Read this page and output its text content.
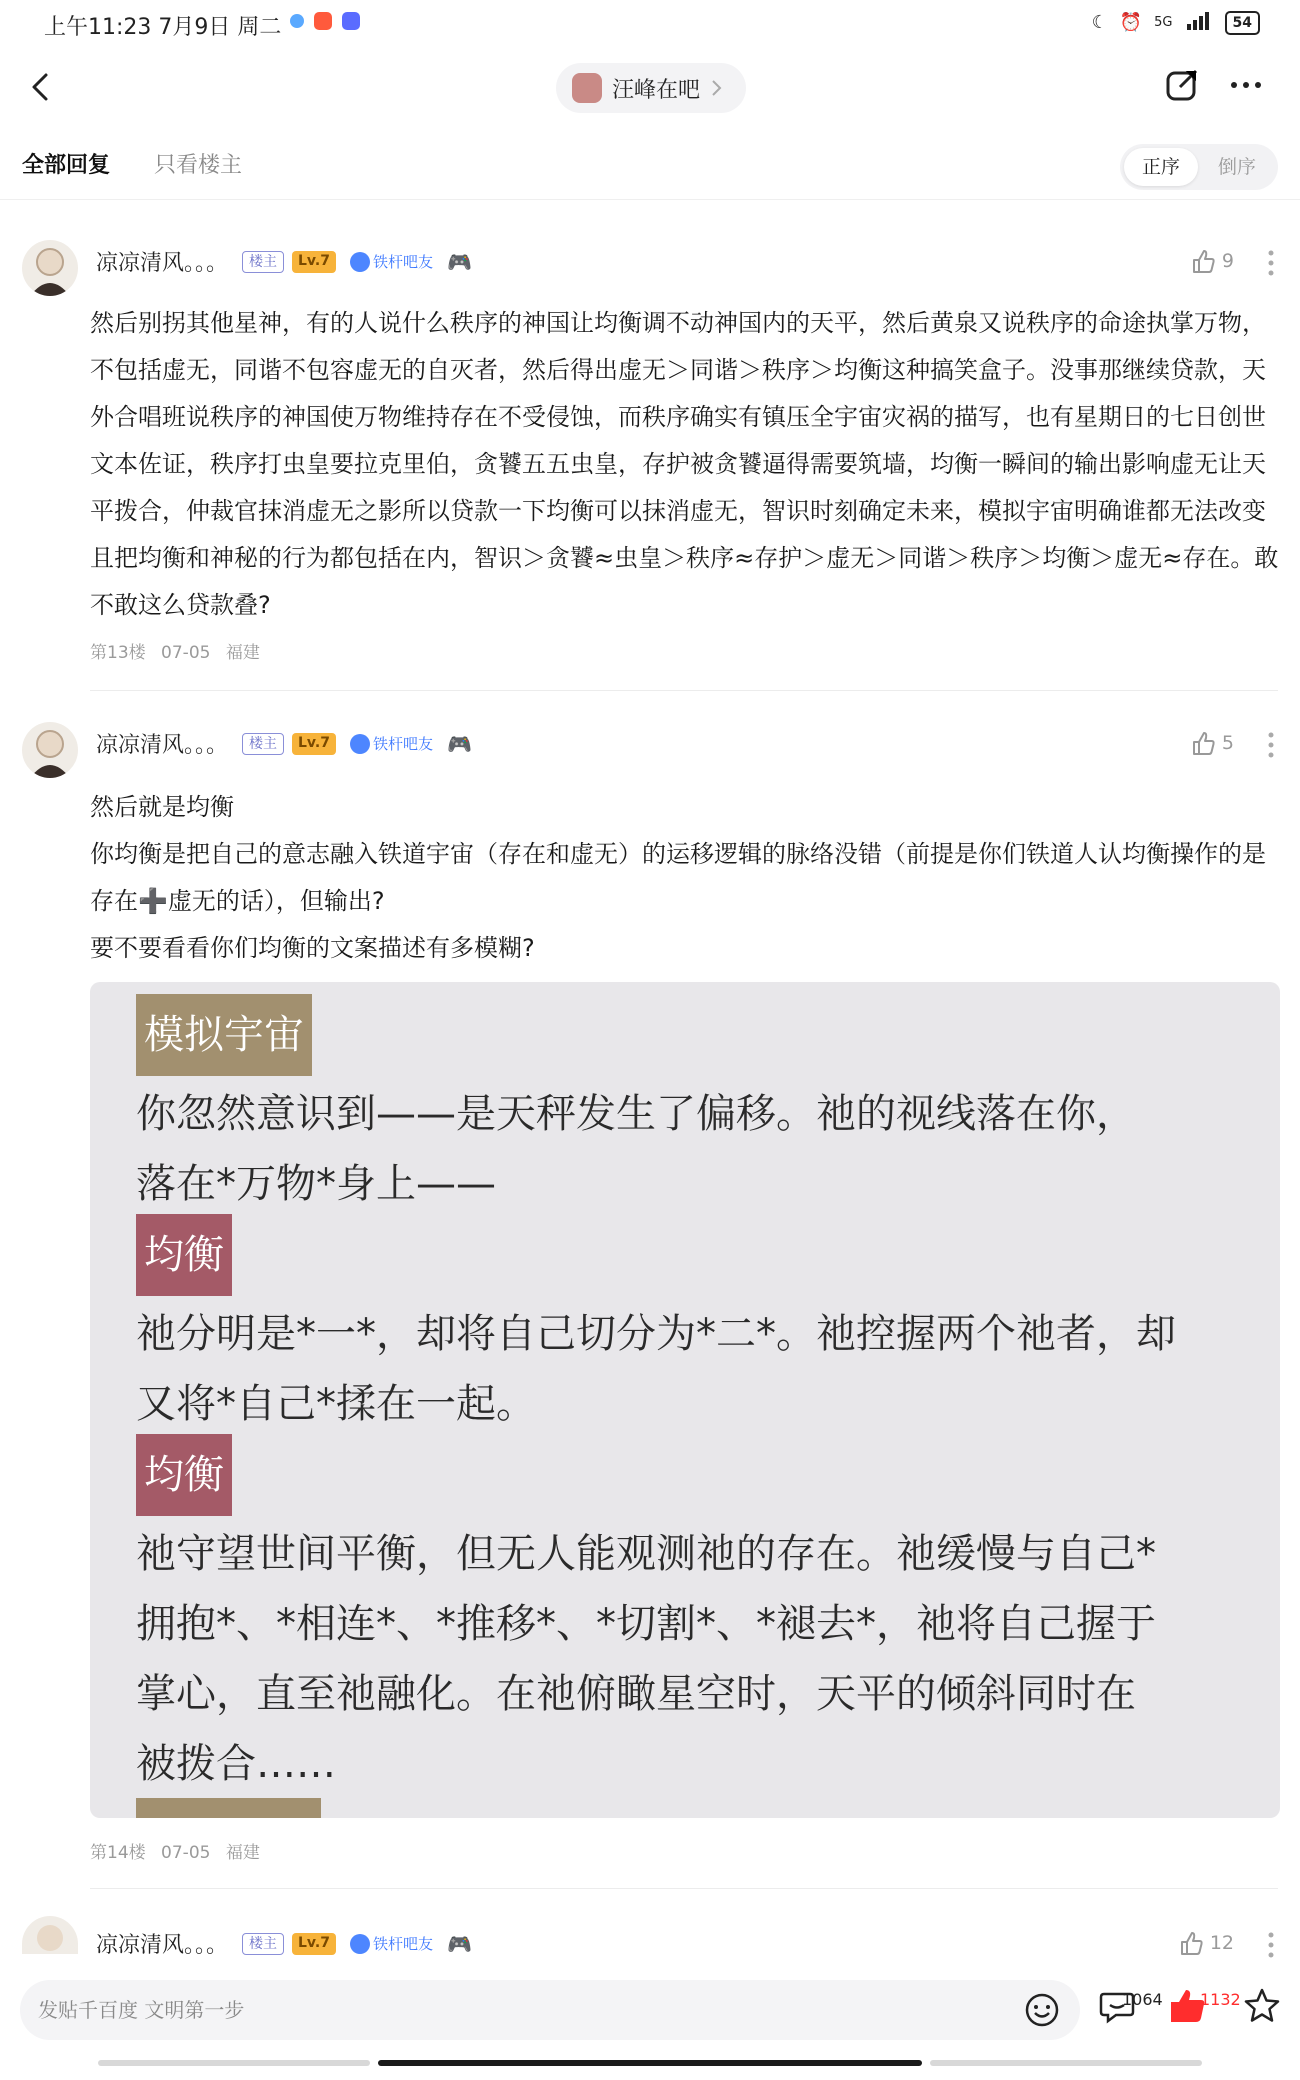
上午11:23 7月9日 周二	☾ ⏰ 5G	54
汪峰在吧
全部回复 只看楼主	正序	倒序
凉凉清风。。。	楼主	Lv.7	铁杆吧友 🎮	9
然后别拐其他星神，有的人说什么秩序的神国让均衡调不动神国内的天平，然后黄泉又说秩序的命途执掌万物，不包括虚无，同谐不包容虚无的自灭者，然后得出虚无＞同谐＞秩序＞均衡这种搞笑盒子。没事那继续贷款，天外合唱班说秩序的神国使万物维持存在不受侵蚀，而秩序确实有镇压全宇宙灾祸的描写，也有星期日的七日创世文本佐证，秩序打虫皇要拉克里伯，贪饕五五虫皇，存护被贪饕逼得需要筑墙，均衡一瞬间的输出影响虚无让天平拨合，仲裁官抹消虚无之影所以贷款一下均衡可以抹消虚无，智识时刻确定未来，模拟宇宙明确谁都无法改变且把均衡和神秘的行为都包括在内，智识＞贪饕≈虫皇＞秩序≈存护＞虚无＞同谐＞秩序＞均衡＞虚无≈存在。敢不敢这么贷款叠?
第13楼 07-05 福建
凉凉清风。。。	楼主	Lv.7	铁杆吧友 🎮	5
然后就是均衡
你均衡是把自己的意志融入铁道宇宙（存在和虚无）的运移逻辑的脉络没错（前提是你们铁道人认均衡操作的是存在➕虚无的话），但输出?
要不要看看你们均衡的文案描述有多模糊?
第14楼 07-05 福建
模拟宇宙
你忽然意识到——是天秤发生了偏移。祂的视线落在你，
落在*万物*身上——
均衡
祂分明是*一*，却将自己切分为*二*。祂控握两个祂者，却
又将*自己*揉在一起。
均衡
祂守望世间平衡，但无人能观测祂的存在。祂缓慢与自己*
拥抱*、*相连*、*推移*、*切割*、*褪去*，祂将自己握于
掌心，直至祂融化。在祂俯瞰星空时，天平的倾斜同时在
被拨合……
凉凉清风。。。	楼主	Lv.7	铁杆吧友 🎮	12
发贴千百度 文明第一步
1064 1132
